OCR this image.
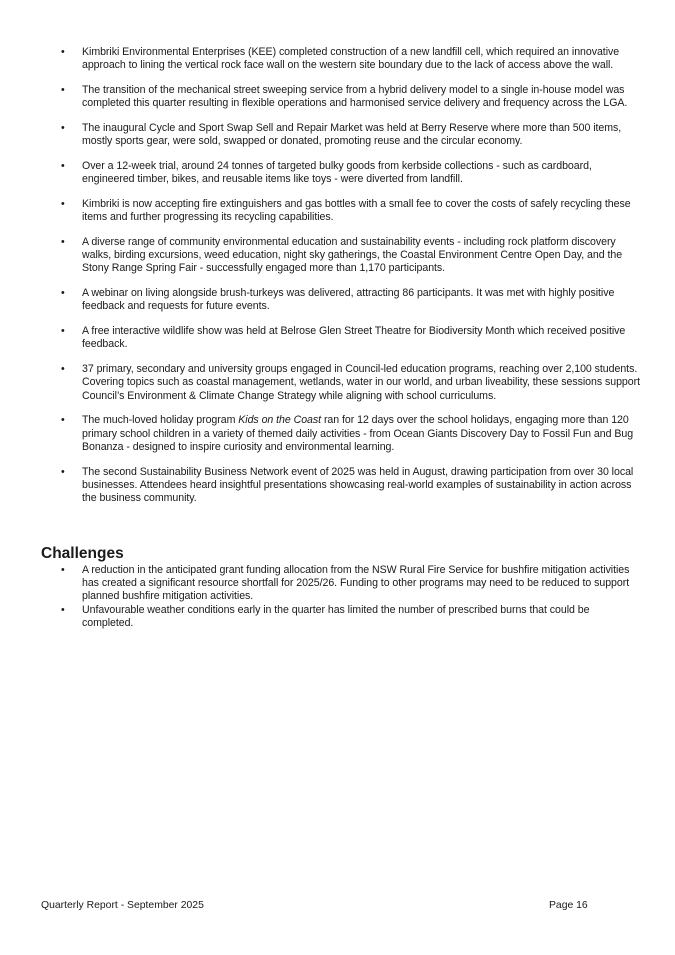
•	Kimbriki Environmental Enterprises (KEE) completed construction of a new landfill cell, which required an innovative approach to lining the vertical rock face wall on the western site boundary due to the lack of access above the wall.
•	The transition of the mechanical street sweeping service from a hybrid delivery model to a single in-house model was completed this quarter resulting in flexible operations and harmonised service delivery and frequency across the LGA.
•	The inaugural Cycle and Sport Swap Sell and Repair Market was held at Berry Reserve where more than 500 items, mostly sports gear, were sold, swapped or donated, promoting reuse and the circular economy.
•	Over a 12-week trial, around 24 tonnes of targeted bulky goods from kerbside collections - such as cardboard, engineered timber, bikes, and reusable items like toys - were diverted from landfill.
•	Kimbriki is now accepting fire extinguishers and gas bottles with a small fee to cover the costs of safely recycling these items and further progressing its recycling capabilities.
•	A diverse range of community environmental education and sustainability events - including rock platform discovery walks, birding excursions, weed education, night sky gatherings, the Coastal Environment Centre Open Day, and the Stony Range Spring Fair - successfully engaged more than 1,170 participants.
•	A webinar on living alongside brush-turkeys was delivered, attracting 86 participants. It was met with highly positive feedback and requests for future events.
•	A free interactive wildlife show was held at Belrose Glen Street Theatre for Biodiversity Month which received positive feedback.
•	37 primary, secondary and university groups engaged in Council-led education programs, reaching over 2,100 students. Covering topics such as coastal management, wetlands, water in our world, and urban liveability, these sessions support Council’s Environment & Climate Change Strategy while aligning with school curriculums.
•	The much-loved holiday program Kids on the Coast ran for 12 days over the school holidays, engaging more than 120 primary school children in a variety of themed daily activities - from Ocean Giants Discovery Day to Fossil Fun and Bug Bonanza - designed to inspire curiosity and environmental learning.
•	The second Sustainability Business Network event of 2025 was held in August, drawing participation from over 30 local businesses. Attendees heard insightful presentations showcasing real-world examples of sustainability in action across the business community.
Challenges
•	A reduction in the anticipated grant funding allocation from the NSW Rural Fire Service for bushfire mitigation activities has created a significant resource shortfall for 2025/26. Funding to other programs may need to be reduced to support planned bushfire mitigation activities.
•	Unfavourable weather conditions early in the quarter has limited the number of prescribed burns that could be completed.
Quarterly Report - September 2025	Page 16
